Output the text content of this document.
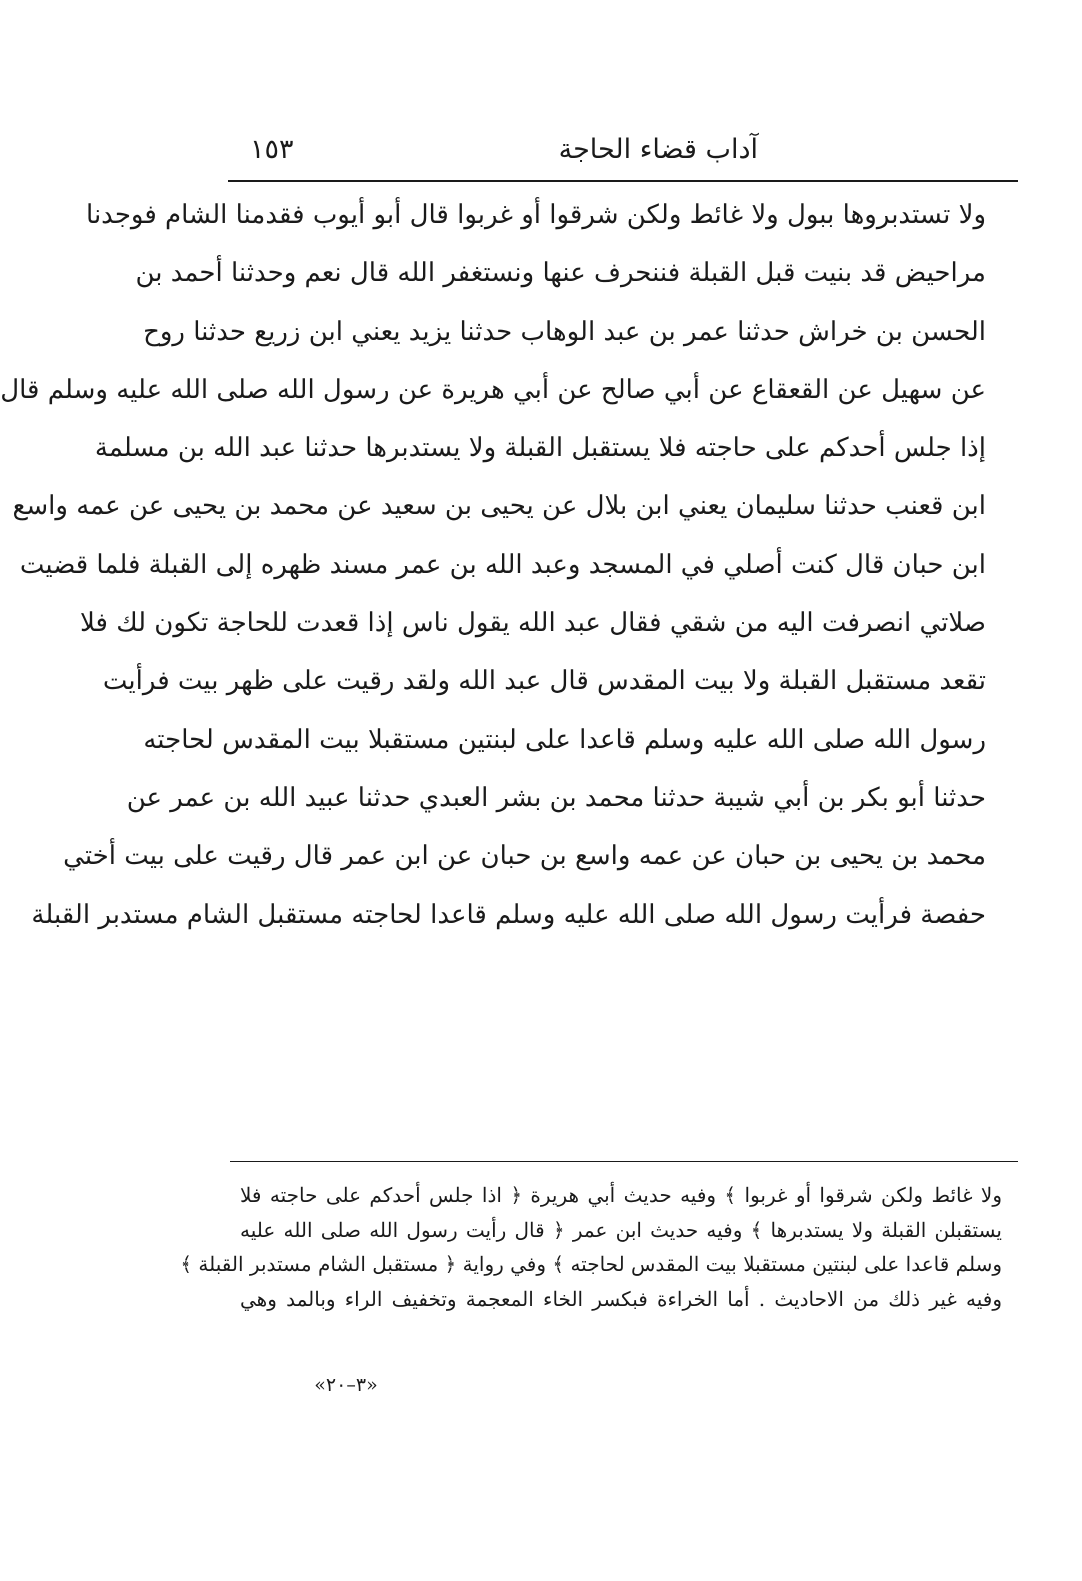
آداب قضاء الحاجة
١٥٣
ولا تستدبروها ببول ولا غائط ولكن شرقوا أو غربوا قال أبو أيوب فقدمنا الشام فوجدنا
مراحيض قد بنيت قبل القبلة فننحرف عنها ونستغفر الله قال نعم وحدثنا أحمد بن
الحسن بن خراش حدثنا عمر بن عبد الوهاب حدثنا يزيد يعني ابن زريع حدثنا روح
عن سهيل عن القعقاع عن أبي صالح عن أبي هريرة عن رسول الله صلى الله عليه وسلم قال
إذا جلس أحدكم على حاجته فلا يستقبل القبلة ولا يستدبرها حدثنا عبد الله بن مسلمة
ابن قعنب حدثنا سليمان يعني ابن بلال عن يحيى بن سعيد عن محمد بن يحيى عن عمه واسع
ابن حبان قال كنت أصلي في المسجد وعبد الله بن عمر مسند ظهره إلى القبلة فلما قضيت
صلاتي انصرفت اليه من شقي فقال عبد الله يقول ناس إذا قعدت للحاجة تكون لك فلا
تقعد مستقبل القبلة ولا بيت المقدس قال عبد الله ولقد رقيت على ظهر بيت فرأيت
رسول الله صلى الله عليه وسلم قاعدا على لبنتين مستقبلا بيت المقدس لحاجته
حدثنا أبو بكر بن أبي شيبة حدثنا محمد بن بشر العبدي حدثنا عبيد الله بن عمر عن
محمد بن يحيى بن حبان عن عمه واسع بن حبان عن ابن عمر قال رقيت على بيت أختي
حفصة فرأيت رسول الله صلى الله عليه وسلم قاعدا لحاجته مستقبل الشام مستدبر القبلة
ولا غائط ولكن شرقوا أو غربوا ﴾ وفيه حديث أبي هريرة ﴿ اذا جلس أحدكم على حاجته فلا
يستقبلن القبلة ولا يستدبرها ﴾ وفيه حديث ابن عمر ﴿ قال رأيت رسول الله صلى الله عليه
وسلم قاعدا على لبنتين مستقبلا بيت المقدس لحاجته ﴾ وفي رواية ﴿ مستقبل الشام مستدبر القبلة ﴾
وفيه غير ذلك من الاحاديث . أما الخراءة فبكسر الخاء المعجمة وتخفيف الراء وبالمد وهي
«٣–٢٠»
